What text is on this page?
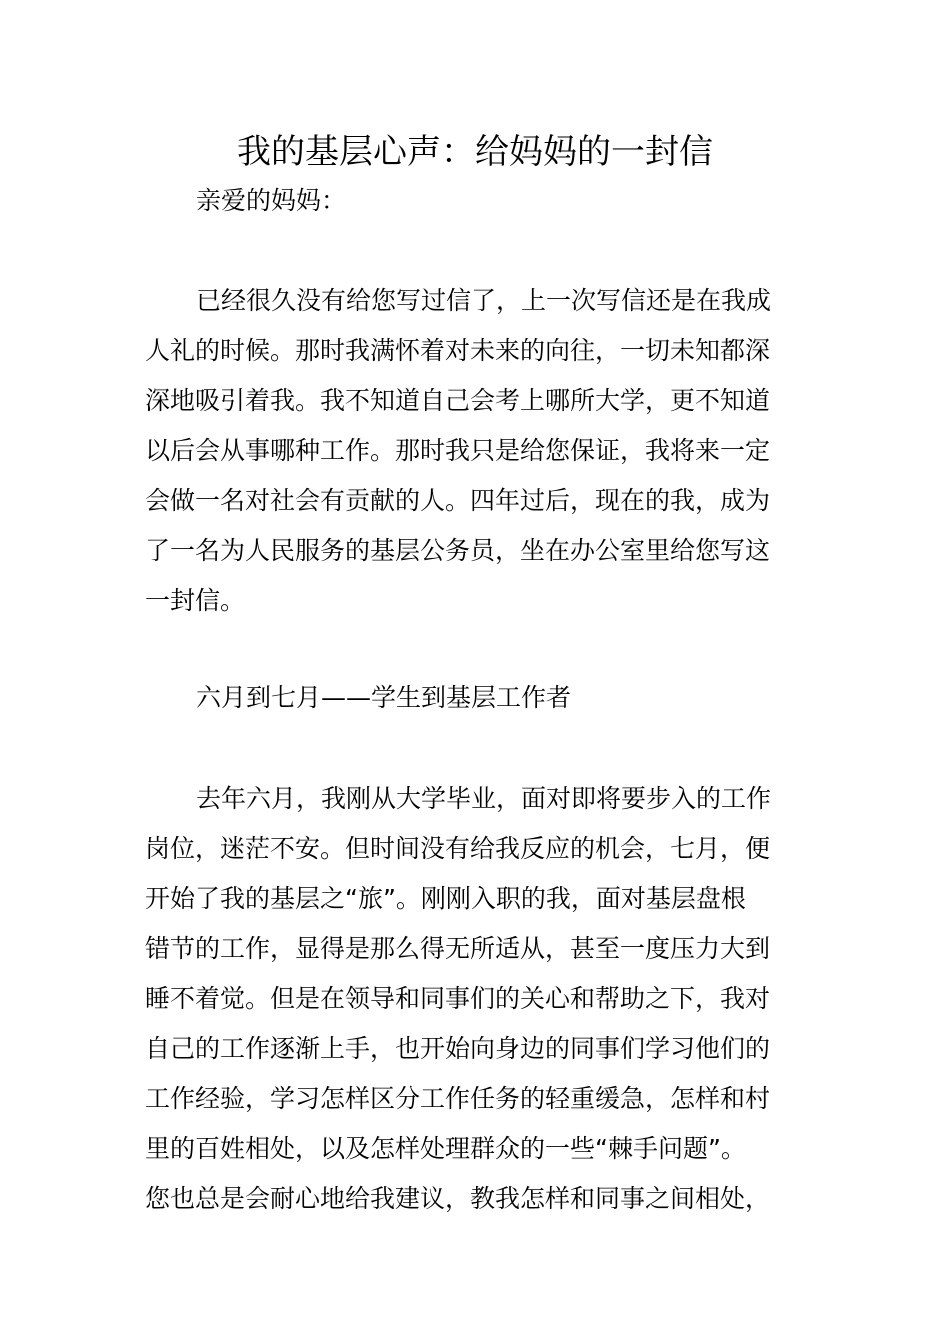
我的基层心声：给妈妈的一封信

亲爱的妈妈：

已经很久没有给您写过信了，上一次写信还是在我成
人礼的时候。那时我满怀着对未来的向往，一切未知都深
深地吸引着我。我不知道自己会考上哪所大学，更不知道
以后会从事哪种工作。那时我只是给您保证，我将来一定
会做一名对社会有贡献的人。四年过后，现在的我，成为
了一名为人民服务的基层公务员，坐在办公室里给您写这
一封信。

六月到七月——学生到基层工作者

去年六月，我刚从大学毕业，面对即将要步入的工作
岗位，迷茫不安。但时间没有给我反应的机会，七月，便
开始了我的基层之“旅”。刚刚入职的我，面对基层盘根
错节的工作，显得是那么得无所适从，甚至一度压力大到
睡不着觉。但是在领导和同事们的关心和帮助之下，我对
自己的工作逐渐上手，也开始向身边的同事们学习他们的
工作经验，学习怎样区分工作任务的轻重缓急，怎样和村
里的百姓相处，以及怎样处理群众的一些“棘手问题”。
您也总是会耐心地给我建议，教我怎样和同事之间相处，
